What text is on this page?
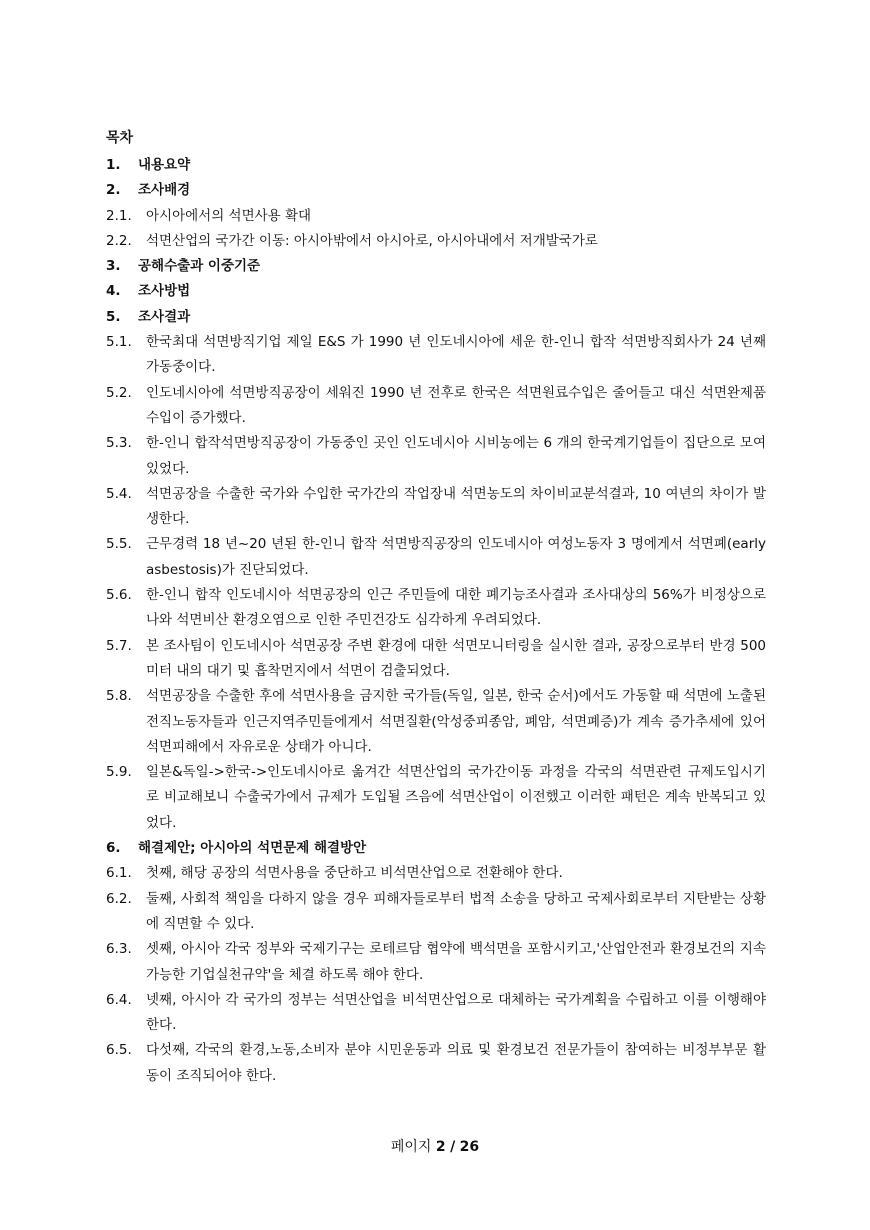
목차
1.	내용요약
2.	조사배경
2.1.	아시아에서의 석면사용 확대
2.2.	석면산업의 국가간 이동: 아시아밖에서 아시아로, 아시아내에서 저개발국가로
3.	공해수출과 이중기준
4.	조사방법
5.	조사결과
5.1.	한국최대 석면방직기업 제일 E&S 가 1990 년 인도네시아에 세운 한-인니 합작 석면방직회사가 24 년째 가동중이다.
5.2.	인도네시아에 석면방직공장이 세워진 1990 년 전후로 한국은 석면원료수입은 줄어들고 대신 석면완제품 수입이 증가했다.
5.3.	한-인니 합작석면방직공장이 가동중인 곳인 인도네시아 시비농에는 6 개의 한국계기업들이 집단으로 모여있었다.
5.4.	석면공장을 수출한 국가와 수입한 국가간의 작업장내 석면농도의 차이비교분석결과, 10 여년의 차이가 발생한다.
5.5.	근무경력 18 년~20 년된 한-인니 합작 석면방직공장의 인도네시아 여성노동자 3 명에게서 석면폐(early asbestosis)가 진단되었다.
5.6.	한-인니 합작 인도네시아 석면공장의 인근 주민들에 대한 폐기능조사결과 조사대상의 56%가 비정상으로 나와 석면비산 환경오염으로 인한 주민건강도 심각하게 우려되었다.
5.7.	본 조사팀이 인도네시아 석면공장 주변 환경에 대한 석면모니터링을 실시한 결과, 공장으로부터 반경 500미터 내의 대기 및 흡착먼지에서 석면이 검출되었다.
5.8.	석면공장을 수출한 후에 석면사용을 금지한 국가들(독일, 일본, 한국 순서)에서도 가동할 때 석면에 노출된 전직노동자들과 인근지역주민들에게서 석면질환(악성중피종암, 폐암, 석면폐증)가 계속 증가추세에 있어 석면피해에서 자유로운 상태가 아니다.
5.9.	일본&독일->한국->인도네시아로 옮겨간 석면산업의 국가간이동 과정을 각국의 석면관련 규제도입시기로 비교해보니 수출국가에서 규제가 도입될 즈음에 석면산업이 이전했고 이러한 패턴은 계속 반복되고 있었다.
6.	해결제안; 아시아의 석면문제 해결방안
6.1.	첫째, 해당 공장의 석면사용을 중단하고 비석면산업으로 전환해야 한다.
6.2.	둘째, 사회적 책임을 다하지 않을 경우 피해자들로부터 법적 소송을 당하고 국제사회로부터 지탄받는 상황에 직면할 수 있다.
6.3.	셋째, 아시아 각국 정부와 국제기구는 로테르담 협약에 백석면을 포함시키고,'산업안전과 환경보건의 지속가능한 기업실천규약'을 체결 하도록 해야 한다.
6.4.	넷째, 아시아 각 국가의 정부는 석면산업을 비석면산업으로 대체하는 국가계획을 수립하고 이를 이행해야 한다.
6.5.	다섯째, 각국의 환경,노동,소비자 분야 시민운동과 의료 및 환경보건 전문가들이 참여하는 비정부부문 활동이 조직되어야 한다.
페이지 2 / 26
